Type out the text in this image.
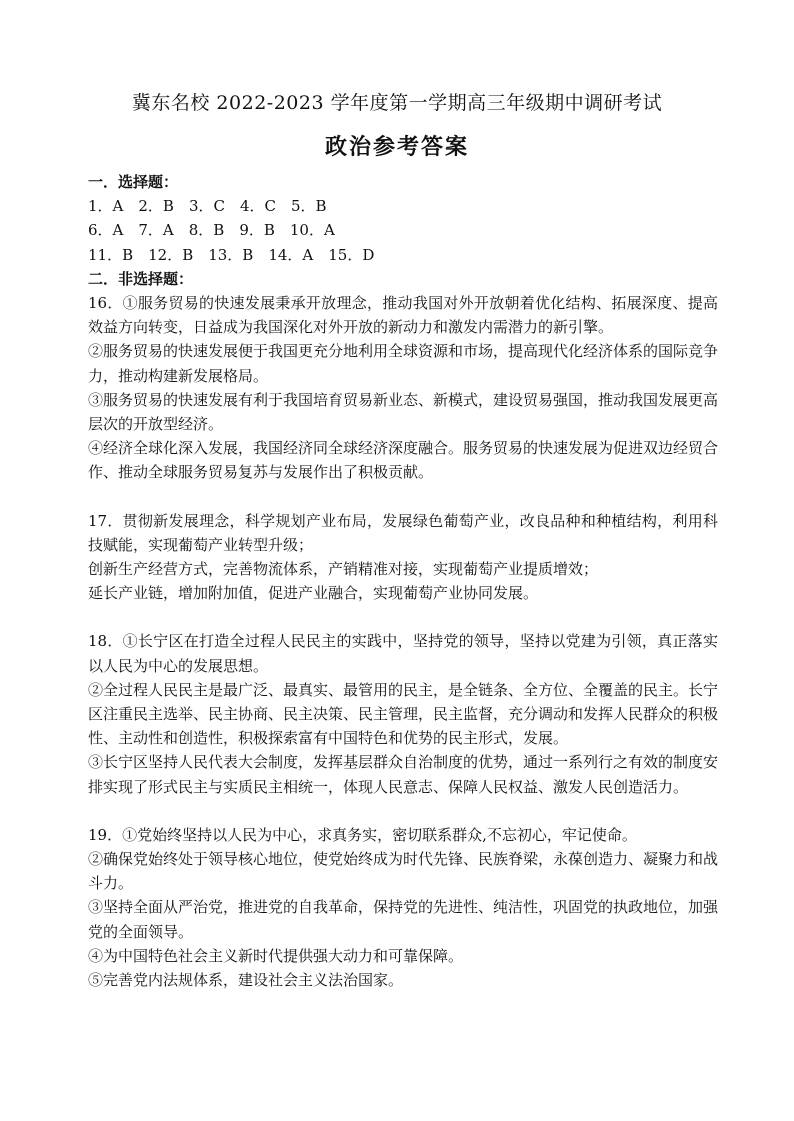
冀东名校 2022-2023 学年度第一学期高三年级期中调研考试
政治参考答案
一．选择题：
1．A　2．B　3．C　4．C　5．B
6．A　7．A　8．B　9．B　10．A
11．B　12．B　13．B　14．A　15．D
二．非选择题：

16．①服务贸易的快速发展秉承开放理念，推动我国对外开放朝着优化结构、拓展深度、提高效益方向转变，日益成为我国深化对外开放的新动力和激发内需潜力的新引擎。

②服务贸易的快速发展便于我国更充分地利用全球资源和市场，提高现代化经济体系的国际竞争力，推动构建新发展格局。

③服务贸易的快速发展有利于我国培育贸易新业态、新模式，建设贸易强国，推动我国发展更高层次的开放型经济。

④经济全球化深入发展，我国经济同全球经济深度融合。服务贸易的快速发展为促进双边经贸合作、推动全球服务贸易复苏与发展作出了积极贡献。

17．贯彻新发展理念，科学规划产业布局，发展绿色葡萄产业，改良品种和种植结构，利用科技赋能，实现葡萄产业转型升级；

创新生产经营方式，完善物流体系，产销精准对接，实现葡萄产业提质增效；

延长产业链，增加附加值，促进产业融合，实现葡萄产业协同发展。

18．①长宁区在打造全过程人民民主的实践中，坚持党的领导，坚持以党建为引领，真正落实以人民为中心的发展思想。

②全过程人民民主是最广泛、最真实、最管用的民主，是全链条、全方位、全覆盖的民主。长宁区注重民主选举、民主协商、民主决策、民主管理，民主监督，充分调动和发挥人民群众的积极性、主动性和创造性，积极探索富有中国特色和优势的民主形式，发展。

③长宁区坚持人民代表大会制度，发挥基层群众自治制度的优势，通过一系列行之有效的制度安排实现了形式民主与实质民主相统一，体现人民意志、保障人民权益、激发人民创造活力。

19．①党始终坚持以人民为中心，求真务实，密切联系群众,不忘初心，牢记使命。

②确保党始终处于领导核心地位，使党始终成为时代先锋、民族脊梁，永葆创造力、凝聚力和战斗力。

③坚持全面从严治党，推进党的自我革命，保持党的先进性、纯洁性，巩固党的执政地位，加强党的全面领导。

④为中国特色社会主义新时代提供强大动力和可靠保障。

⑤完善党内法规体系，建设社会主义法治国家。
